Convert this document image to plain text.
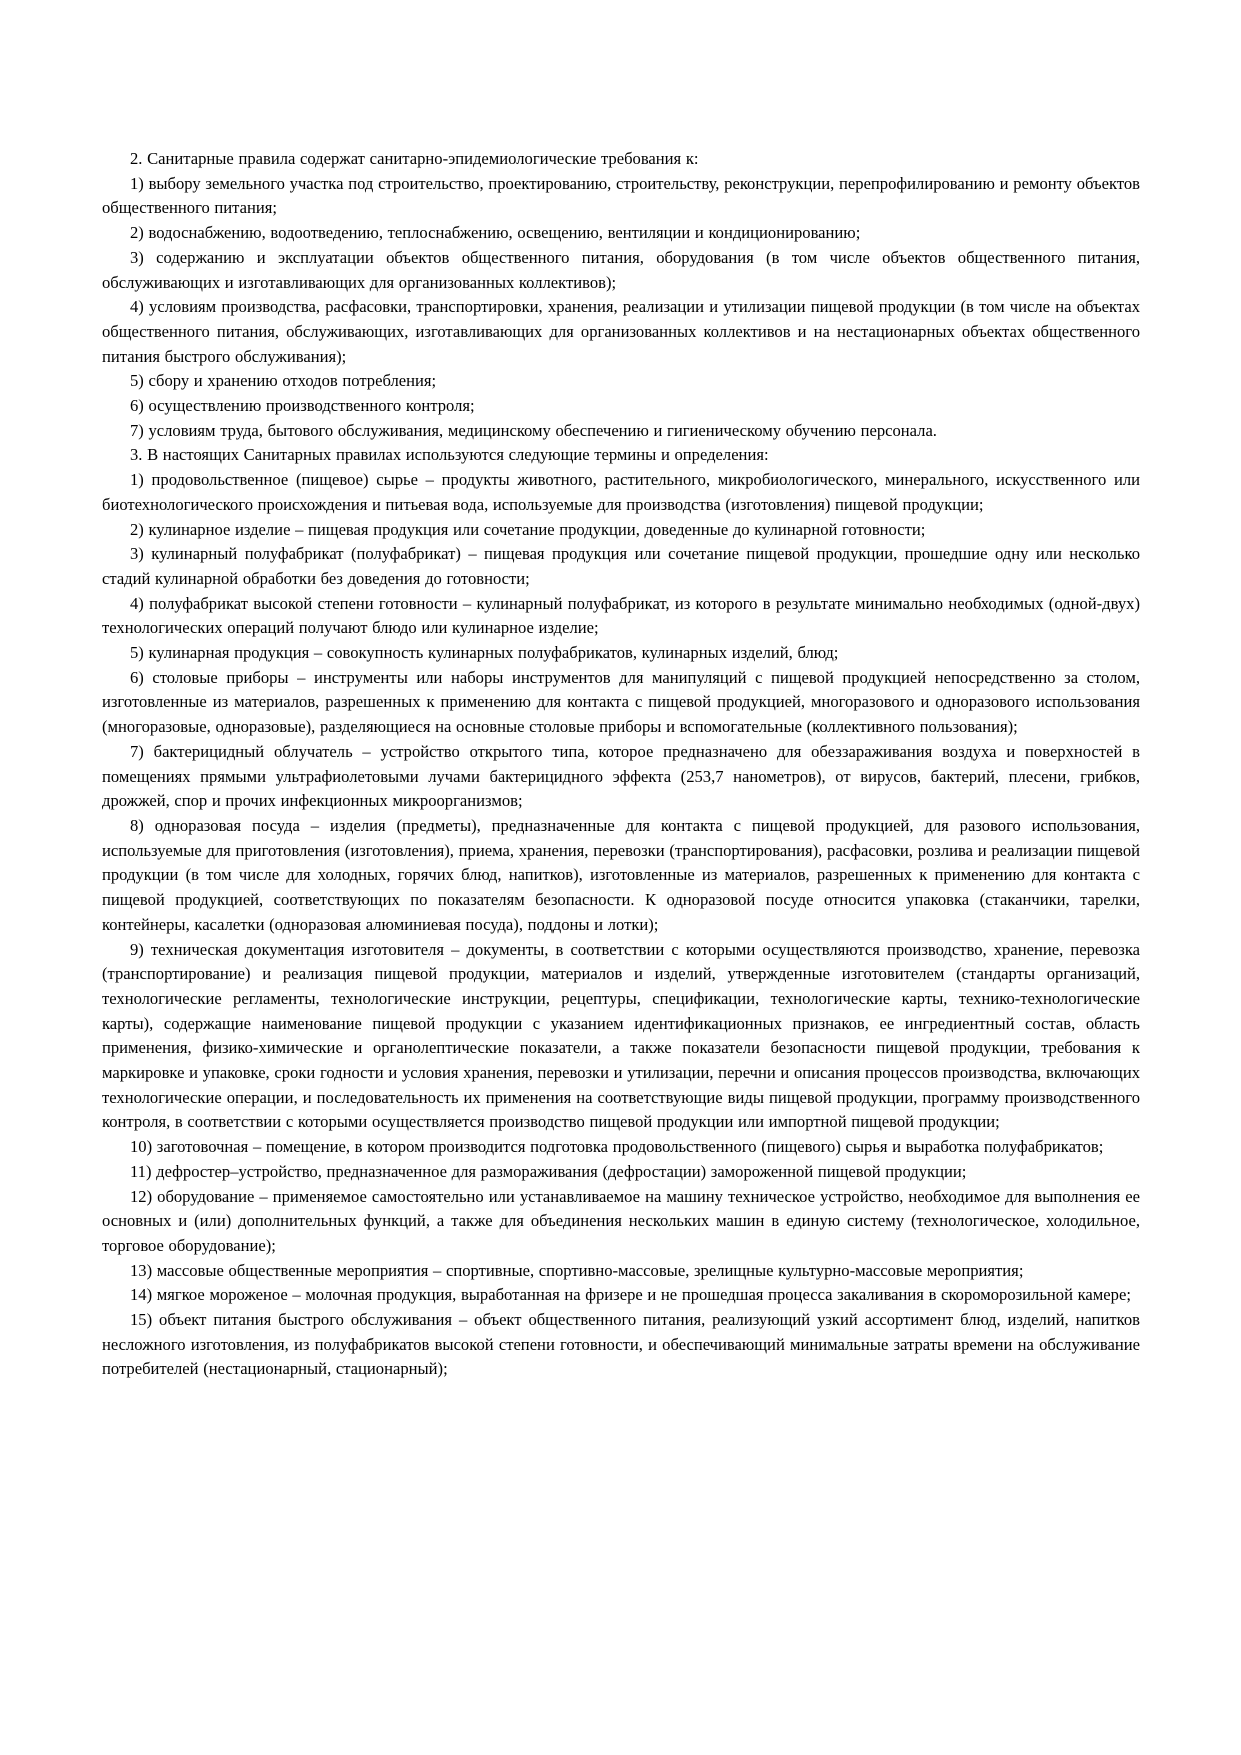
2. Санитарные правила содержат санитарно-эпидемиологические требования к:

1) выбору земельного участка под строительство, проектированию, строительству, реконструкции, перепрофилированию и ремонту объектов общественного питания;

2) водоснабжению, водоотведению, теплоснабжению, освещению, вентиляции и кондиционированию;

3) содержанию и эксплуатации объектов общественного питания, оборудования (в том числе объектов общественного питания, обслуживающих и изготавливающих для организованных коллективов);

4) условиям производства, расфасовки, транспортировки, хранения, реализации и утилизации пищевой продукции (в том числе на объектах общественного питания, обслуживающих, изготавливающих для организованных коллективов и на нестационарных объектах общественного питания быстрого обслуживания);

5) сбору и хранению отходов потребления;

6) осуществлению производственного контроля;

7) условиям труда, бытового обслуживания, медицинскому обеспечению и гигиеническому обучению персонала.

3. В настоящих Санитарных правилах используются следующие термины и определения:

1) продовольственное (пищевое) сырье – продукты животного, растительного, микробиологического, минерального, искусственного или биотехнологического происхождения и питьевая вода, используемые для производства (изготовления) пищевой продукции;

2) кулинарное изделие – пищевая продукция или сочетание продукции, доведенные до кулинарной готовности;

3) кулинарный полуфабрикат (полуфабрикат) – пищевая продукция или сочетание пищевой продукции, прошедшие одну или несколько стадий кулинарной обработки без доведения до готовности;

4) полуфабрикат высокой степени готовности – кулинарный полуфабрикат, из которого в результате минимально необходимых (одной-двух) технологических операций получают блюдо или кулинарное изделие;

5) кулинарная продукция – совокупность кулинарных полуфабрикатов, кулинарных изделий, блюд;

6) столовые приборы – инструменты или наборы инструментов для манипуляций с пищевой продукцией непосредственно за столом, изготовленные из материалов, разрешенных к применению для контакта с пищевой продукцией, многоразового и одноразового использования (многоразовые, одноразовые), разделяющиеся на основные столовые приборы и вспомогательные (коллективного пользования);

7) бактерицидный облучатель – устройство открытого типа, которое предназначено для обеззараживания воздуха и поверхностей в помещениях прямыми ультрафиолетовыми лучами бактерицидного эффекта (253,7 нанометров), от вирусов, бактерий, плесени, грибков, дрожжей, спор и прочих инфекционных микроорганизмов;

8) одноразовая посуда – изделия (предметы), предназначенные для контакта с пищевой продукцией, для разового использования, используемые для приготовления (изготовления), приема, хранения, перевозки (транспортирования), расфасовки, розлива и реализации пищевой продукции (в том числе для холодных, горячих блюд, напитков), изготовленные из материалов, разрешенных к применению для контакта с пищевой продукцией, соответствующих по показателям безопасности. К одноразовой посуде относится упаковка (стаканчики, тарелки, контейнеры, касалетки (одноразовая алюминиевая посуда), поддоны и лотки);

9) техническая документация изготовителя – документы, в соответствии с которыми осуществляются производство, хранение, перевозка (транспортирование) и реализация пищевой продукции, материалов и изделий, утвержденные изготовителем (стандарты организаций, технологические регламенты, технологические инструкции, рецептуры, спецификации, технологические карты, технико-технологические карты), содержащие наименование пищевой продукции с указанием идентификационных признаков, ее ингредиентный состав, область применения, физико-химические и органолептические показатели, а также показатели безопасности пищевой продукции, требования к маркировке и упаковке, сроки годности и условия хранения, перевозки и утилизации, перечни и описания процессов производства, включающих технологические операции, и последовательность их применения на соответствующие виды пищевой продукции, программу производственного контроля, в соответствии с которыми осуществляется производство пищевой продукции или импортной пищевой продукции;

10) заготовочная – помещение, в котором производится подготовка продовольственного (пищевого) сырья и выработка полуфабрикатов;

11) дефростер–устройство, предназначенное для размораживания (дефростации) замороженной пищевой продукции;

12) оборудование – применяемое самостоятельно или устанавливаемое на машину техническое устройство, необходимое для выполнения ее основных и (или) дополнительных функций, а также для объединения нескольких машин в единую систему (технологическое, холодильное, торговое оборудование);

13) массовые общественные мероприятия – спортивные, спортивно-массовые, зрелищные культурно-массовые мероприятия;

14) мягкое мороженое – молочная продукция, выработанная на фризере и не прошедшая процесса закаливания в скороморозильной камере;

15) объект питания быстрого обслуживания – объект общественного питания, реализующий узкий ассортимент блюд, изделий, напитков несложного изготовления, из полуфабрикатов высокой степени готовности, и обеспечивающий минимальные затраты времени на обслуживание потребителей (нестационарный, стационарный);
